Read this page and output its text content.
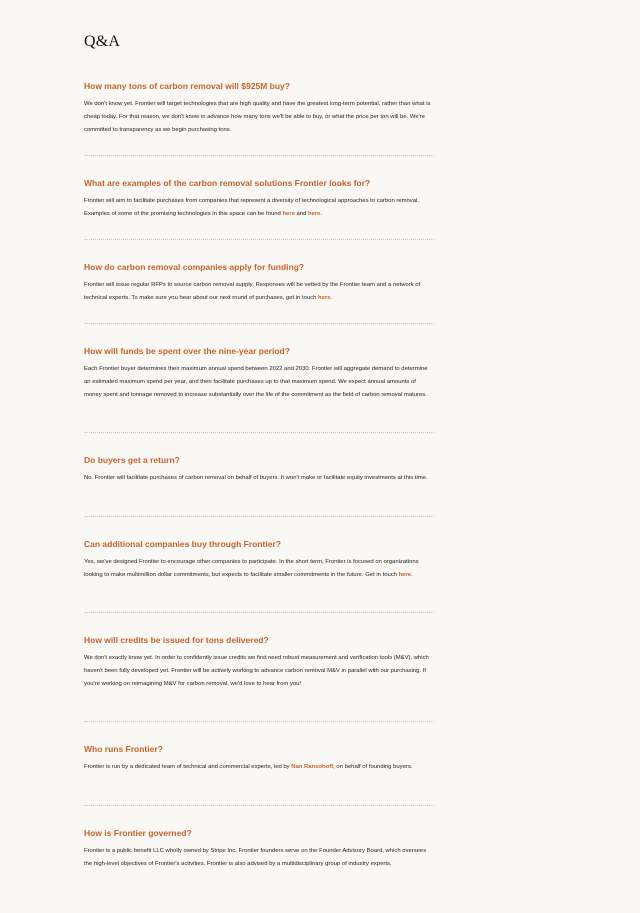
Q&A
How many tons of carbon removal will $925M buy?

We don't know yet. Frontier will target technologies that are high quality and have the greatest long-term potential, rather than what is cheap today. For that reason, we don't know in advance how many tons we'll be able to buy, or what the price per ton will be. We're committed to transparency as we begin purchasing tons.

What are examples of the carbon removal solutions Frontier looks for?

Frontier will aim to facilitate purchases from companies that represent a diversity of technological approaches to carbon removal. Examples of some of the promising technologies in this space can be found here and here.

How do carbon removal companies apply for funding?

Frontier will issue regular RFPs to source carbon removal supply. Responses will be vetted by the Frontier team and a network of technical experts. To make sure you hear about our next round of purchases, get in touch here.

How will funds be spent over the nine-year period?

Each Frontier buyer determines their maximum annual spend between 2022 and 2030. Frontier will aggregate demand to determine an estimated maximum spend per year, and then facilitate purchases up to that maximum spend. We expect annual amounts of money spent and tonnage removed to increase substantially over the life of the commitment as the field of carbon removal matures.

Do buyers get a return?

No. Frontier will facilitate purchases of carbon removal on behalf of buyers. It won't make or facilitate equity investments at this time.

Can additional companies buy through Frontier?

Yes, we've designed Frontier to encourage other companies to participate. In the short term, Frontier is focused on organizations looking to make multimillion dollar commitments, but expects to facilitate smaller commitments in the future. Get in touch here.

How will credits be issued for tons delivered?

We don't exactly know yet. In order to confidently issue credits we first need robust measurement and verification tools (M&V), which haven't been fully developed yet. Frontier will be actively working to advance carbon removal M&V in parallel with our purchasing. If you're working on reimagining M&V for carbon removal, we'd love to hear from you!

Who runs Frontier?

Frontier is run by a dedicated team of technical and commercial experts, led by Nan Ransohoff, on behalf of founding buyers.

How is Frontier governed?

Frontier is a public benefit LLC wholly owned by Stripe Inc. Frontier founders serve on the Founder Advisory Board, which oversees the high-level objectives of Frontier's activities. Frontier is also advised by a multidisciplinary group of industry experts.
